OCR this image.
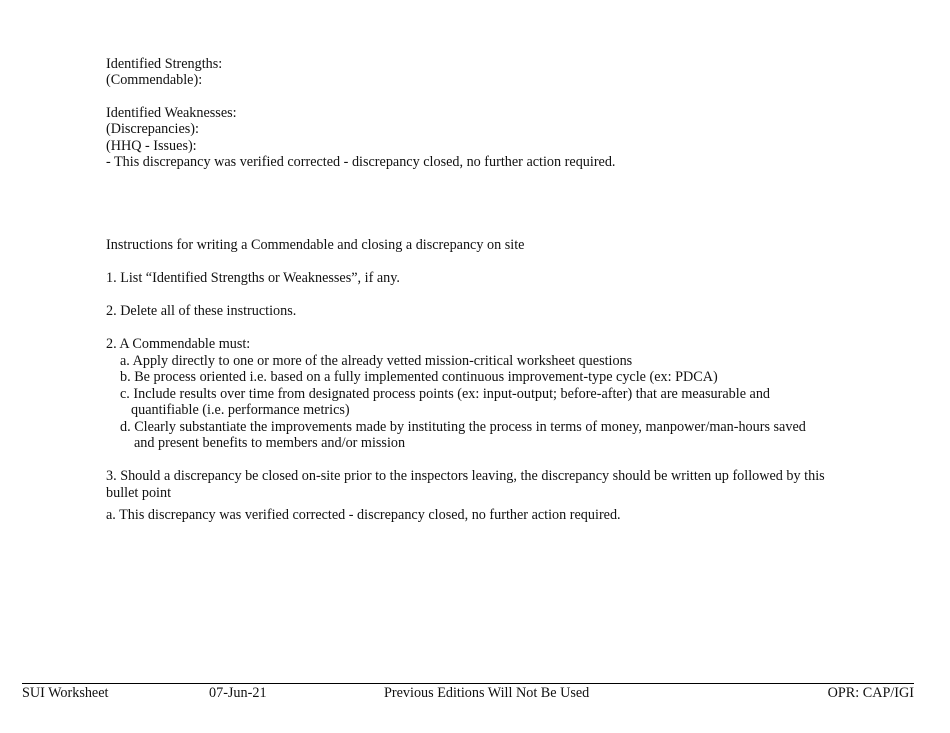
Identified Strengths:
(Commendable):
Identified Weaknesses:
(Discrepancies):
(HHQ - Issues):
- This discrepancy was verified corrected - discrepancy closed, no further action required.
Instructions for writing a Commendable and closing a discrepancy on site
1. List “Identified Strengths or Weaknesses”, if any.
2. Delete all of these instructions.
2. A Commendable must:
a. Apply directly to one or more of the already vetted mission-critical worksheet questions
b. Be process oriented i.e. based on a fully implemented continuous improvement-type cycle (ex: PDCA)
c. Include results over time from designated process points (ex: input-output; before-after) that are measurable and
quantifiable (i.e. performance metrics)
d. Clearly substantiate the improvements made by instituting the process in terms of money, manpower/man-hours saved
and present benefits to members and/or mission
3. Should a discrepancy be closed on-site prior to the inspectors leaving, the discrepancy should be written up followed by this
bullet point
a. This discrepancy was verified corrected - discrepancy closed, no further action required.
SUI Worksheet	07-Jun-21	Previous Editions Will Not Be Used	OPR: CAP/IGI
